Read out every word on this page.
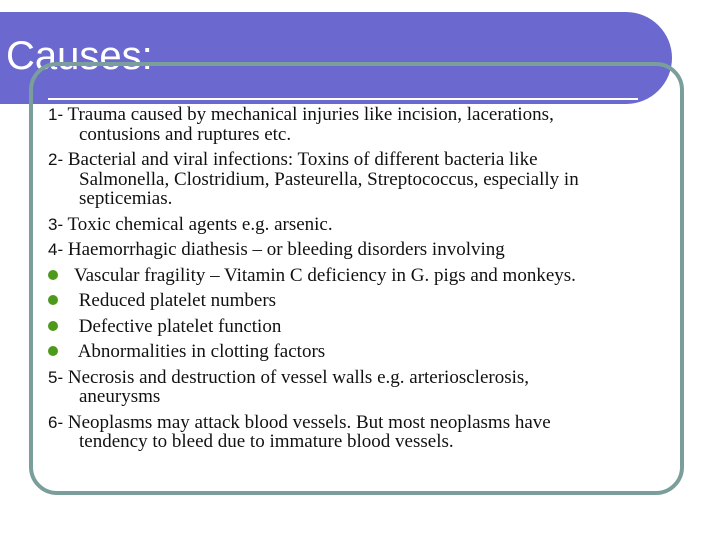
Causes:
1- Trauma caused by mechanical injuries like incision, lacerations,
contusions and ruptures etc.
2- Bacterial and viral infections: Toxins of different bacteria like
Salmonella, Clostridium, Pasteurella, Streptococcus, especially in
septicemias.
3- Toxic chemical agents e.g. arsenic.
4- Haemorrhagic diathesis – or bleeding disorders involving
Vascular fragility – Vitamin C deficiency in G. pigs and monkeys.
Reduced platelet numbers
Defective platelet function
Abnormalities in clotting factors
5- Necrosis and destruction of vessel walls e.g. arteriosclerosis,
aneurysms
6- Neoplasms may attack blood vessels. But most neoplasms have
tendency to bleed due to immature blood vessels.
